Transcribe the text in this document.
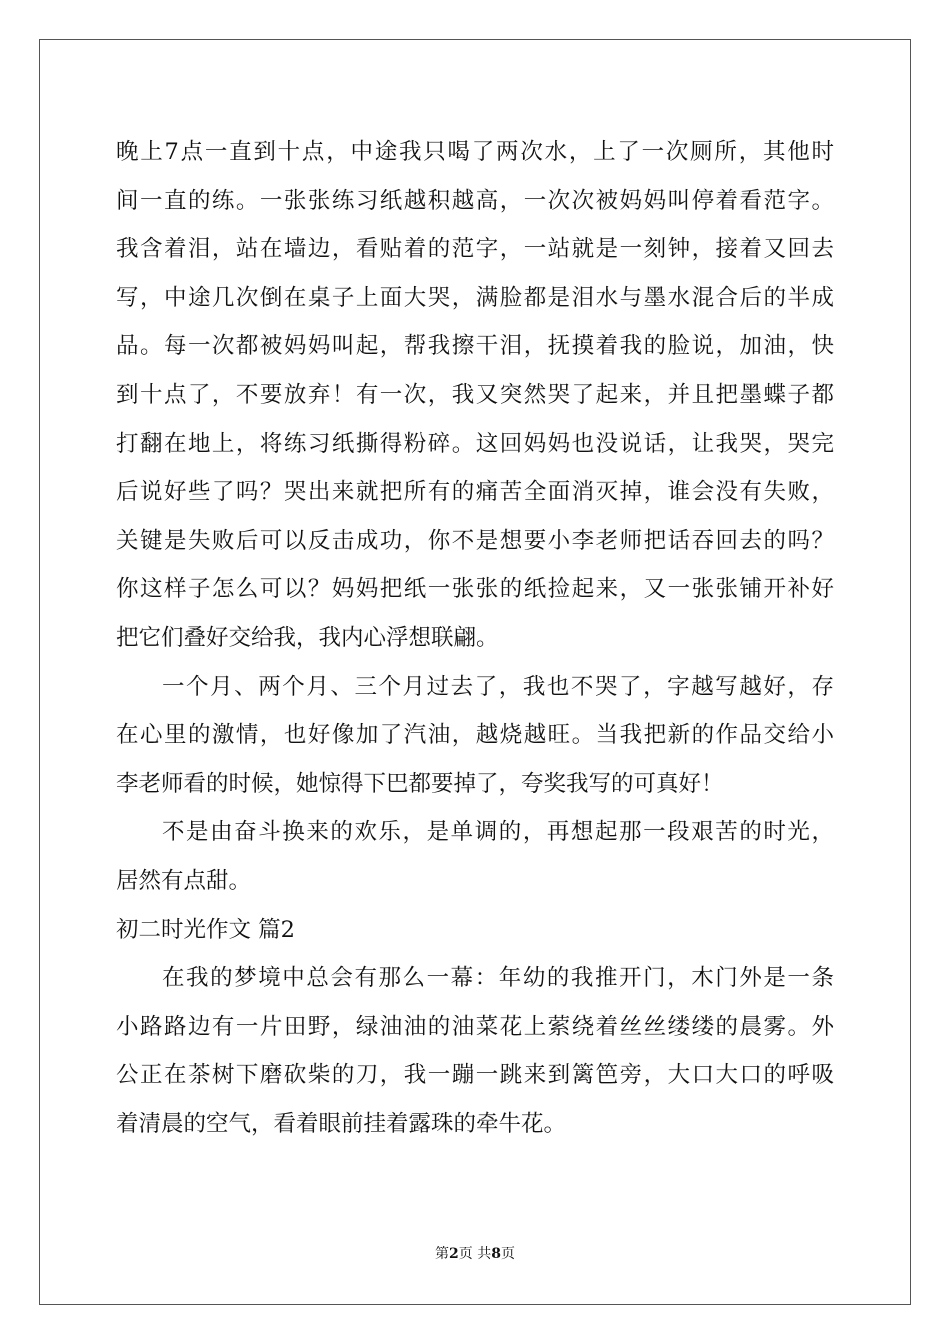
晚上7点一直到十点，中途我只喝了两次水，上了一次厕所，其他时
间一直的练。一张张练习纸越积越高，一次次被妈妈叫停着看范字。
我含着泪，站在墙边，看贴着的范字，一站就是一刻钟，接着又回去
写，中途几次倒在桌子上面大哭，满脸都是泪水与墨水混合后的半成
品。每一次都被妈妈叫起，帮我擦干泪，抚摸着我的脸说，加油，快
到十点了，不要放弃！有一次，我又突然哭了起来，并且把墨蝶子都
打翻在地上，将练习纸撕得粉碎。这回妈妈也没说话，让我哭，哭完
后说好些了吗？哭出来就把所有的痛苦全面消灭掉，谁会没有失败，
关键是失败后可以反击成功，你不是想要小李老师把话吞回去的吗？
你这样子怎么可以？妈妈把纸一张张的纸捡起来，又一张张铺开补好
把它们叠好交给我，我内心浮想联翩。
一个月、两个月、三个月过去了，我也不哭了，字越写越好，存
在心里的激情，也好像加了汽油，越烧越旺。当我把新的作品交给小
李老师看的时候，她惊得下巴都要掉了，夸奖我写的可真好！
不是由奋斗换来的欢乐，是单调的，再想起那一段艰苦的时光，
居然有点甜。
初二时光作文 篇2
在我的梦境中总会有那么一幕：年幼的我推开门，木门外是一条
小路路边有一片田野，绿油油的油菜花上萦绕着丝丝缕缕的晨雾。外
公正在茶树下磨砍柴的刀，我一蹦一跳来到篱笆旁，大口大口的呼吸
着清晨的空气，看着眼前挂着露珠的牵牛花。
第2页 共8页
